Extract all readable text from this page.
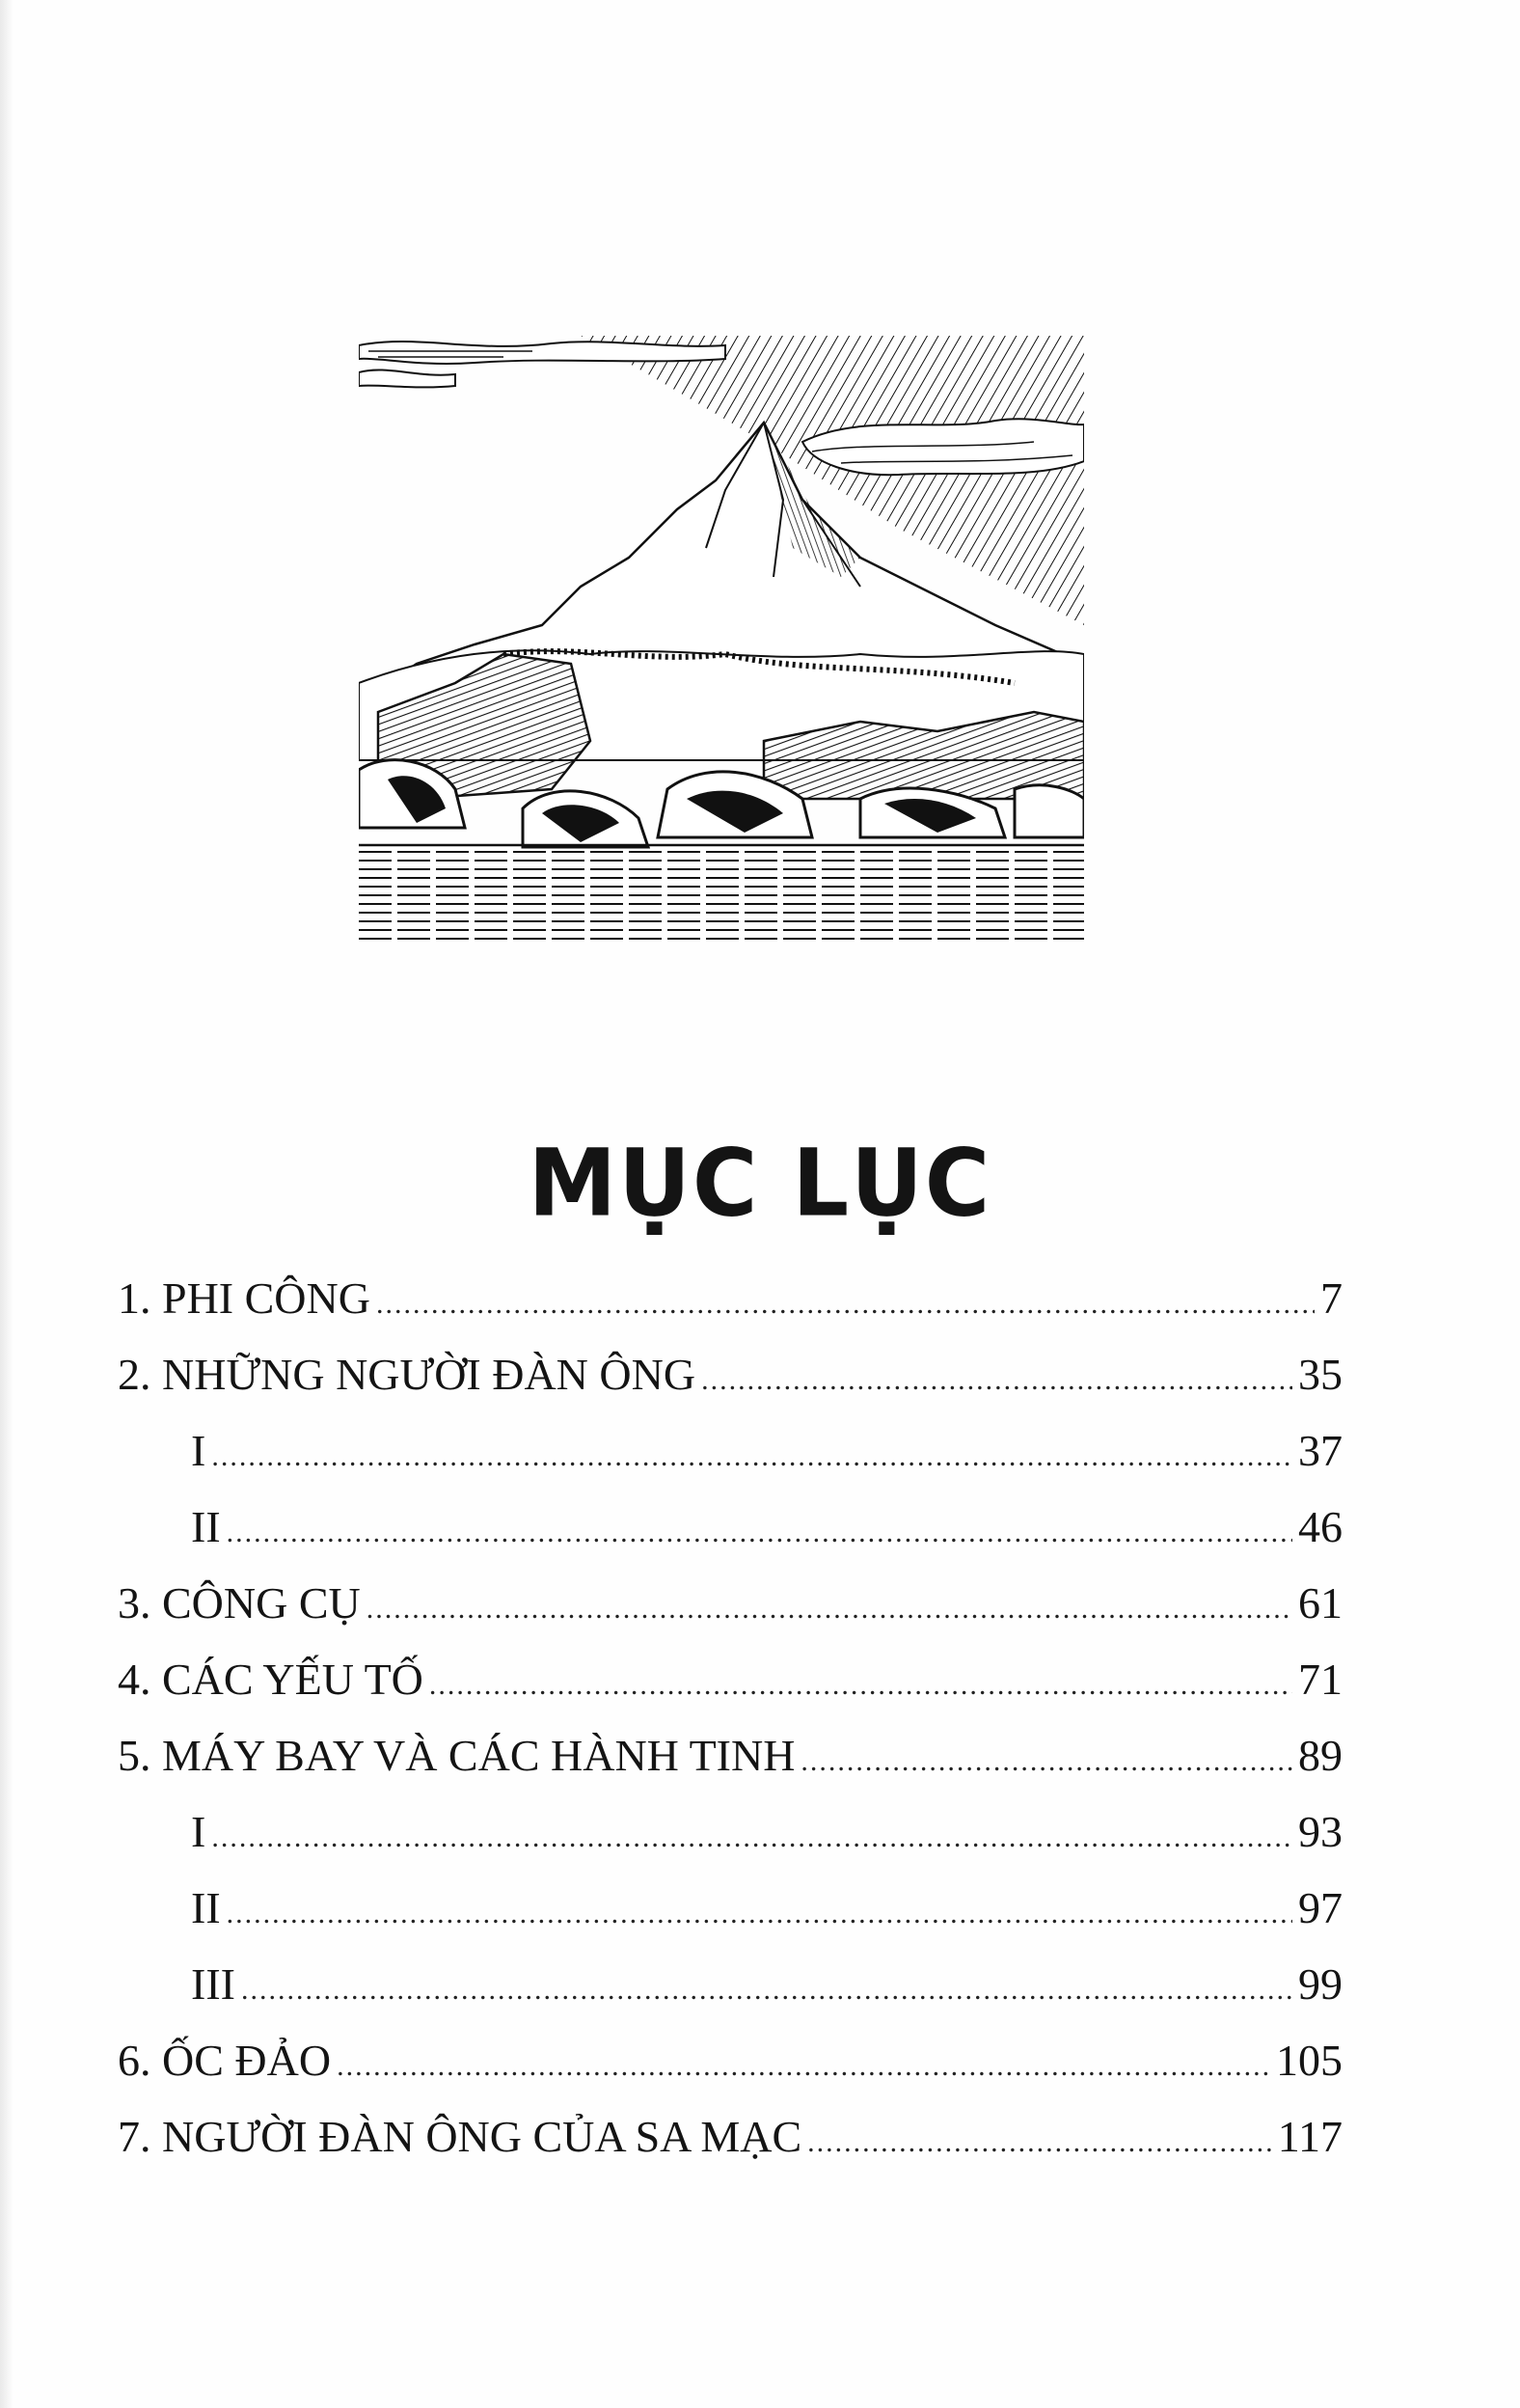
MỤC LỤC
1. PHI CÔNG .....	7
2. NHỮNG NGƯỜI ĐÀN ÔNG .....	35
I .....	37
II .....	46
3. CÔNG CỤ .....	61
4. CÁC YẾU TỐ .....	71
5. MÁY BAY VÀ CÁC HÀNH TINH .....	89
I .....	93
II .....	97
III .....	99
6. ỐC ĐẢO .....	105
7. NGƯỜI ĐÀN ÔNG CỦA SA MẠC .....	117
